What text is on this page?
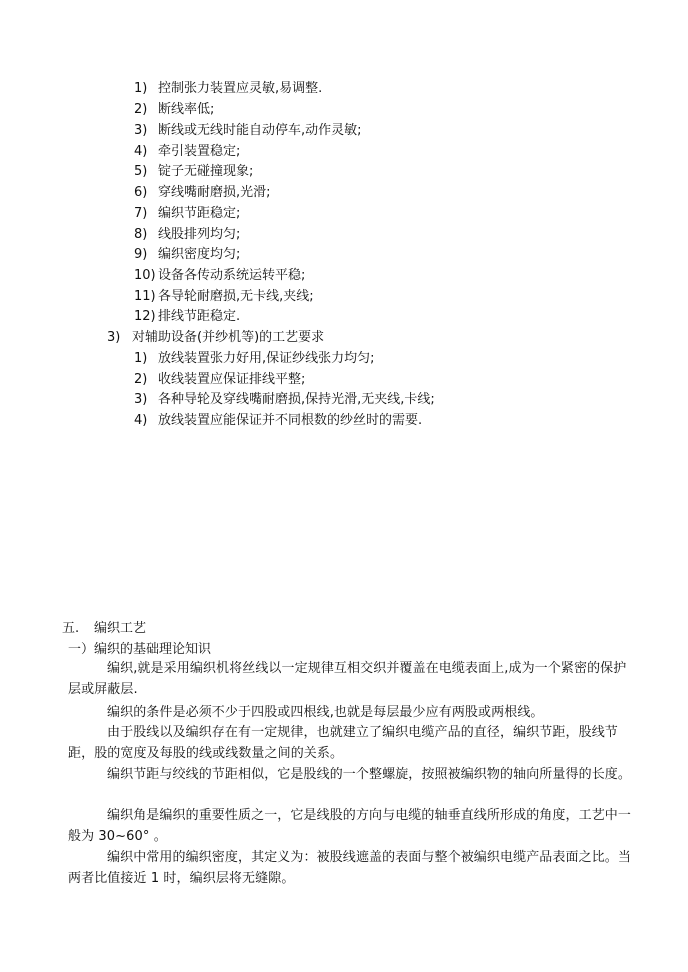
1) 控制张力装置应灵敏,易调整.
2) 断线率低;
3) 断线或无线时能自动停车,动作灵敏;
4) 牵引装置稳定;
5) 锭子无碰撞现象;
6) 穿线嘴耐磨损,光滑;
7) 编织节距稳定;
8) 线股排列均匀;
9) 编织密度均匀;
10) 设备各传动系统运转平稳;
11) 各导轮耐磨损,无卡线,夹线;
12) 排线节距稳定.
3) 对辅助设备(并纱机等)的工艺要求
1) 放线装置张力好用,保证纱线张力均匀;
2) 收线装置应保证排线平整;
3) 各种导轮及穿线嘴耐磨损,保持光滑,无夹线,卡线;
4) 放线装置应能保证并不同根数的纱丝时的需要.
五. 编织工艺
一）编织的基础理论知识
编织,就是采用编织机将丝线以一定规律互相交织并覆盖在电缆表面上,成为一个紧密的保护层或屏蔽层.
编织的条件是必须不少于四股或四根线,也就是每层最少应有两股或两根线。
由于股线以及编织存在有一定规律，也就建立了编织电缆产品的直径，编织节距，股线节距，股的宽度及每股的线或线数量之间的关系。
编织节距与绞线的节距相似，它是股线的一个整螺旋，按照被编织物的轴向所量得的长度。
编织角是编织的重要性质之一，它是线股的方向与电缆的轴垂直线所形成的角度，工艺中一般为 30~60° 。
编织中常用的编织密度，其定义为：被股线遮盖的表面与整个被编织电缆产品表面之比。当两者比值接近 1 时，编织层将无缝隙。
